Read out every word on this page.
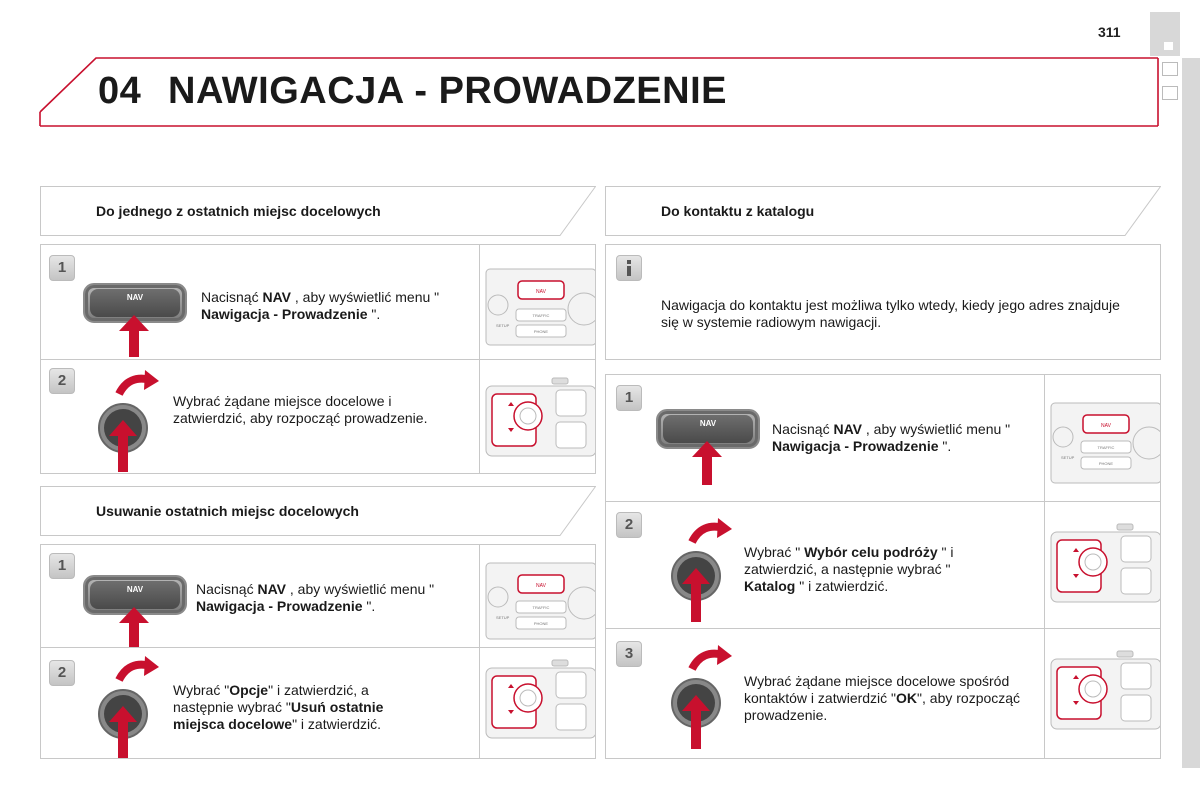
311
04 NAWIGACJA - PROWADZENIE
Do jednego z ostatnich miejsc docelowych
1
NAV	Nacisnąć NAV , aby wyświetlić menu " Nawigacja - Prowadzenie ".
NAV
TRAFFIC
PHONE
SETUP
2
Wybrać żądane miejsce docelowe i zatwierdzić, aby rozpocząć prowadzenie.
Usuwanie ostatnich miejsc docelowych
1
NAV	Nacisnąć NAV , aby wyświetlić menu " Nawigacja - Prowadzenie ".
NAV
TRAFFIC
PHONE
SETUP
2
Wybrać "Opcje" i zatwierdzić, a następnie wybrać "Usuń ostatnie miejsca docelowe" i zatwierdzić.
Do kontaktu z katalogu
Nawigacja do kontaktu jest możliwa tylko wtedy, kiedy jego adres znajduje się w systemie radiowym nawigacji.
1
NAV	Nacisnąć NAV , aby wyświetlić menu " Nawigacja - Prowadzenie ".
NAV
TRAFFIC
PHONE
SETUP
2
Wybrać " Wybór celu podróży " i zatwierdzić, a następnie wybrać " Katalog " i zatwierdzić.
3
Wybrać żądane miejsce docelowe spośród kontaktów i zatwierdzić "OK", aby rozpocząć prowadzenie.
